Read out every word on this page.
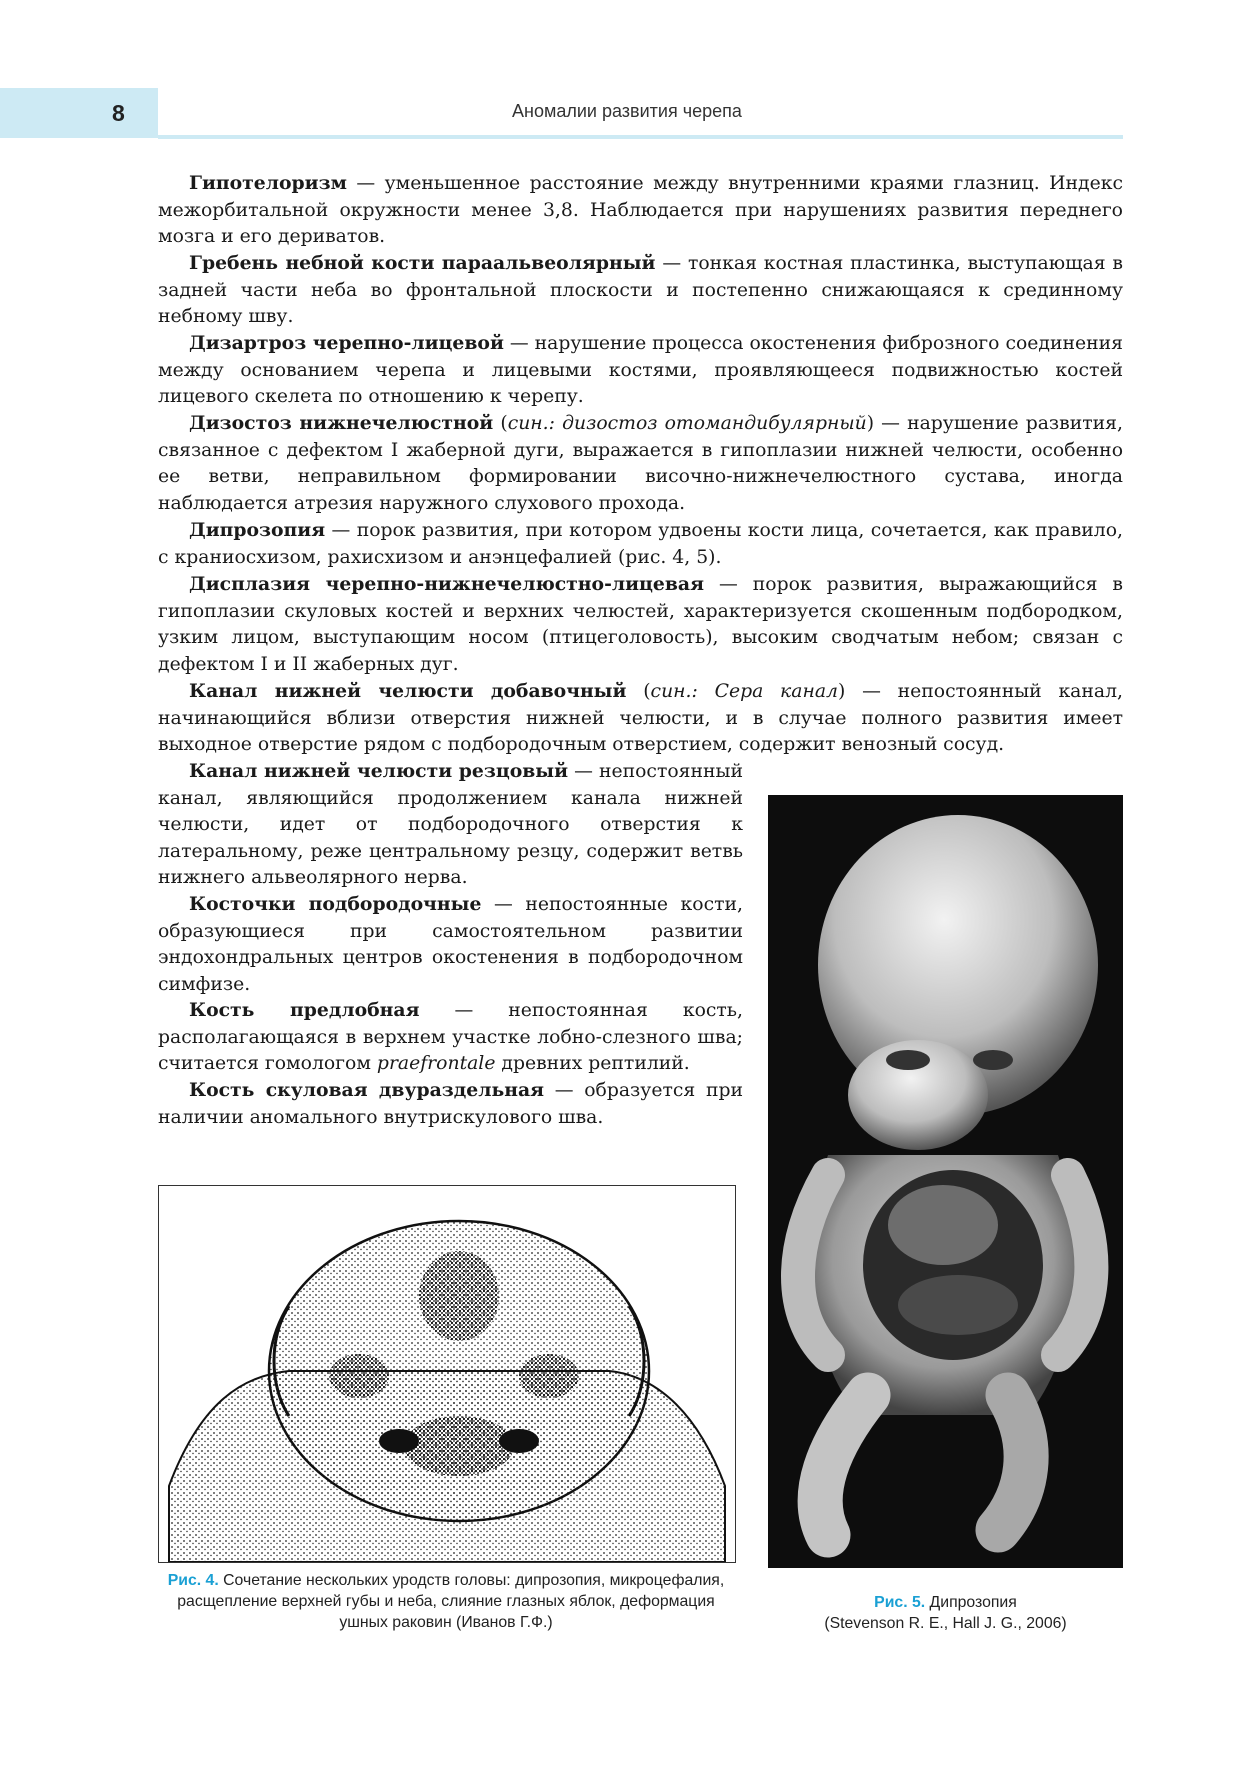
8	Аномалии развития черепа

Гипотелоризм — уменьшенное расстояние между внутренними краями глазниц. Индекс межорбитальной окружности менее 3,8. Наблюдается при нарушениях развития переднего мозга и его дериватов.

Гребень небной кости параальвеолярный — тонкая костная пластинка, выступающая в задней части неба во фронтальной плоскости и постепенно снижающаяся к срединному небному шву.

Дизартроз черепно-лицевой — нарушение процесса окостенения фиброзного соединения между основанием черепа и лицевыми костями, проявляющееся подвижностью костей лицевого скелета по отношению к черепу.

Дизостоз нижнечелюстной (син.: дизостоз отомандибулярный) — нарушение развития, связанное с дефектом I жаберной дуги, выражается в гипоплазии нижней челюсти, особенно ее ветви, неправильном формировании височно-нижнечелюстного сустава, иногда наблюдается атрезия наружного слухового прохода.

Дипрозопия — порок развития, при котором удвоены кости лица, сочетается, как правило, с краниосхизом, рахисхизом и анэнцефалией (рис. 4, 5).

Дисплазия черепно-нижнечелюстно-лицевая — порок развития, выражающийся в гипоплазии скуловых костей и верхних челюстей, характеризуется скошенным подбородком, узким лицом, выступающим носом (птицеголовость), высоким сводчатым небом; связан с дефектом I и II жаберных дуг.

Канал нижней челюсти добавочный (син.: Сера канал) — непостоянный канал, начинающийся вблизи отверстия нижней челюсти, и в случае полного развития имеет выходное отверстие рядом с подбородочным отверстием, содержит венозный сосуд.

Канал нижней челюсти резцовый — непостоянный канал, являющийся продолжением канала нижней челюсти, идет от подбородочного отверстия к латеральному, реже центральному резцу, содержит ветвь нижнего альвеолярного нерва.

Косточки подбородочные — непостоянные кости, образующиеся при самостоятельном развитии эндохондральных центров окостенения в подбородочном симфизе.

Кость предлобная — непостоянная кость, располагающаяся в верхнем участке лобно-слезного шва; считается гомологом praefrontale древних рептилий.

Кость скуловая двураздельная — образуется при наличии аномального внутрискулового шва.

Рис. 4. Сочетание нескольких уродств головы: дипрозопия, микроцефалия, расщепление верхней губы и неба, слияние глазных яблок, деформация ушных раковин (Иванов Г.Ф.)

Рис. 5. Дипрозопия
(Stevenson R. E., Hall J. G., 2006)
